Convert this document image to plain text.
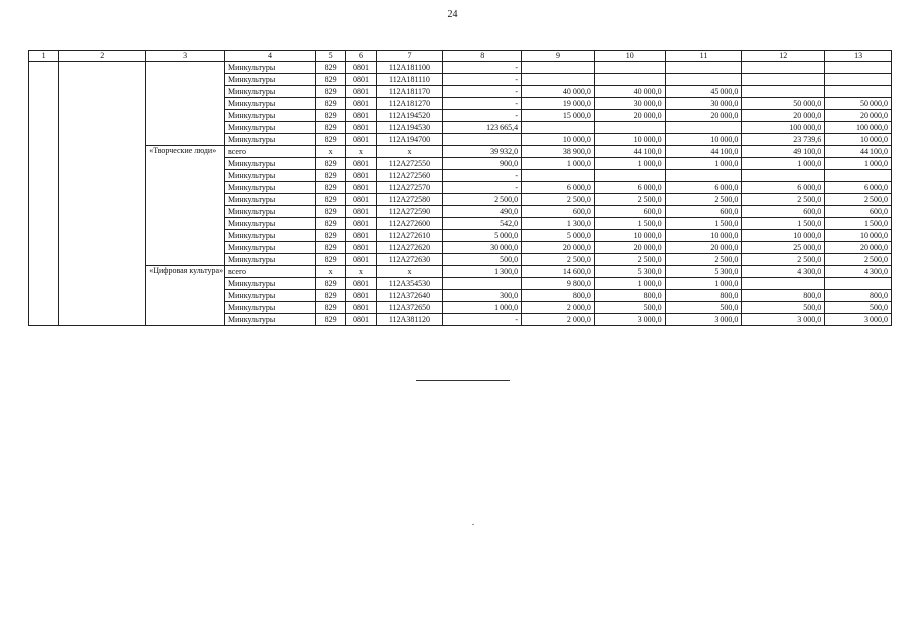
24
1	2	3	4	5	6	7	8	9	10	11	12	13
			Минкультуры	829	0801	112A181100	-					
			Минкультуры	829	0801	112A181110	-					
			Минкультуры	829	0801	112A181170	-	40 000,0	40 000,0	45 000,0		
			Минкультуры	829	0801	112A181270	-	19 000,0	30 000,0	30 000,0	50 000,0	50 000,0
			Минкультуры	829	0801	112A194520	-	15 000,0	20 000,0	20 000,0	20 000,0	20 000,0
			Минкультуры	829	0801	112A194530	123 665,4				100 000,0	100 000,0
			Минкультуры	829	0801	112A194700		10 000,0	10 000,0	10 000,0	23 739,6	10 000,0
		«Творческие люди»	всего	x	x	x	39 932,0	38 900,0	44 100,0	44 100,0	49 100,0	44 100,0
			Минкультуры	829	0801	112A272550	900,0	1 000,0	1 000,0	1 000,0	1 000,0	1 000,0
			Минкультуры	829	0801	112A272560	-					
			Минкультуры	829	0801	112A272570	-	6 000,0	6 000,0	6 000,0	6 000,0	6 000,0
			Минкультуры	829	0801	112A272580	2 500,0	2 500,0	2 500,0	2 500,0	2 500,0	2 500,0
			Минкультуры	829	0801	112A272590	490,0	600,0	600,0	600,0	600,0	600,0
			Минкультуры	829	0801	112A272600	542,0	1 300,0	1 500,0	1 500,0	1 500,0	1 500,0
			Минкультуры	829	0801	112A272610	5 000,0	5 000,0	10 000,0	10 000,0	10 000,0	10 000,0
			Минкультуры	829	0801	112A272620	30 000,0	20 000,0	20 000,0	20 000,0	25 000,0	20 000,0
			Минкультуры	829	0801	112A272630	500,0	2 500,0	2 500,0	2 500,0	2 500,0	2 500,0
		«Цифровая культура»	всего	x	x	x	1 300,0	14 600,0	5 300,0	5 300,0	4 300,0	4 300,0
			Минкультуры	829	0801	112A354530		9 800,0	1 000,0	1 000,0		
			Минкультуры	829	0801	112A372640	300,0	800,0	800,0	800,0	800,0	800,0
			Минкультуры	829	0801	112A372650	1 000,0	2 000,0	500,0	500,0	500,0	500,0
			Минкультуры	829	0801	112A381120	-	2 000,0	3 000,0	3 000,0	3 000,0	3 000,0
